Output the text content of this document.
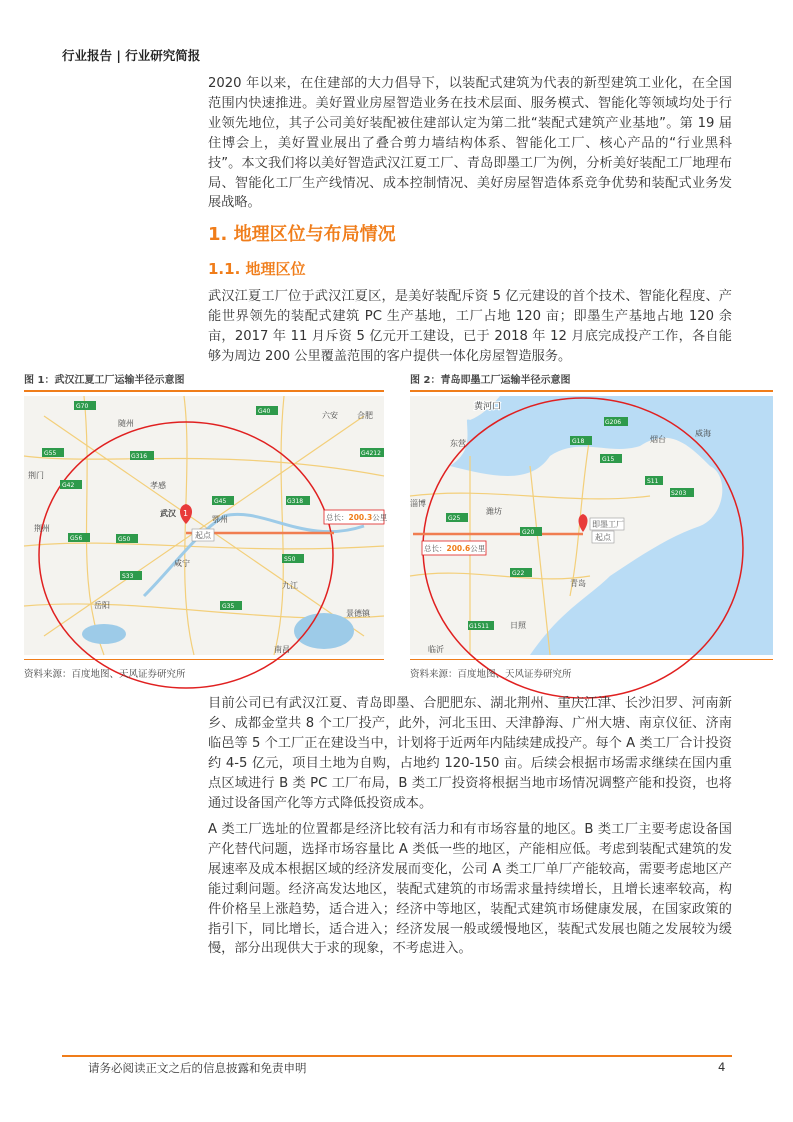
行业报告 | 行业研究简报

2020 年以来，在住建部的大力倡导下，以装配式建筑为代表的新型建筑工业化，在全国范围内快速推进。美好置业房屋智造业务在技术层面、服务模式、智能化等领域均处于行业领先地位，其子公司美好装配被住建部认定为第二批“装配式建筑产业基地”。第 19 届住博会上，美好置业展出了叠合剪力墙结构体系、智能化工厂、核心产品的“行业黑科技”。本文我们将以美好智造武汉江夏工厂、青岛即墨工厂为例，分析美好装配工厂地理布局、智能化工厂生产线情况、成本控制情况、美好房屋智造体系竞争优势和装配式业务发展战略。

1. 地理区位与布局情况
1.1. 地理区位

武汉江夏工厂位于武汉江夏区，是美好装配斥资 5 亿元建设的首个技术、智能化程度、产能世界领先的装配式建筑 PC 生产基地，工厂占地 120 亩；即墨生产基地占地 120 余亩，2017 年 11 月斥资 5 亿元开工建设，已于 2018 年 12 月底完成投产工作，各自能够为周边 200 公里覆盖范围的客户提供一体化房屋智造服务。

图 1：武汉江夏工厂运输半径示意图
随州
六安 合肥
荆门
孝感
武汉
鄂州
荆州
咸宁
岳阳
九江
景德镇
南昌
G70
G40
G55	G316	G4212
G42
G45	G318
G50
S50
G56
S33
G35
1
起点
总长：200.3公里
资料来源：百度地图、天风证券研究所
图 2：青岛即墨工厂运输半径示意图
黄河口
东营	烟台
威海
淄博
潍坊
青岛
日照
临沂
G206
G18
G15
S11
S203
G25
G20
G22
G1511
即墨工厂
起点
总长：200.6公里
资料来源：百度地图、天风证券研究所

目前公司已有武汉江夏、青岛即墨、合肥肥东、湖北荆州、重庆江津、长沙汨罗、河南新乡、成都金堂共 8 个工厂投产，此外，河北玉田、天津静海、广州大塘、南京仪征、济南临邑等 5 个工厂正在建设当中，计划将于近两年内陆续建成投产。每个 A 类工厂合计投资约 4-5 亿元，项目土地为自购，占地约 120-150 亩。后续会根据市场需求继续在国内重点区域进行 B 类 PC 工厂布局，B 类工厂投资将根据当地市场情况调整产能和投资，也将通过设备国产化等方式降低投资成本。

A 类工厂选址的位置都是经济比较有活力和有市场容量的地区。B 类工厂主要考虑设备国产化替代问题，选择市场容量比 A 类低一些的地区，产能相应低。考虑到装配式建筑的发展速率及成本根据区域的经济发展而变化，公司 A 类工厂单厂产能较高，需要考虑地区产能过剩问题。经济高发达地区，装配式建筑的市场需求量持续增长，且增长速率较高，构件价格呈上涨趋势，适合进入；经济中等地区，装配式建筑市场健康发展，在国家政策的指引下，同比增长，适合进入；经济发展一般或缓慢地区，装配式发展也随之发展较为缓慢，部分出现供大于求的现象，不考虑进入。

请务必阅读正文之后的信息披露和免责申明	4
